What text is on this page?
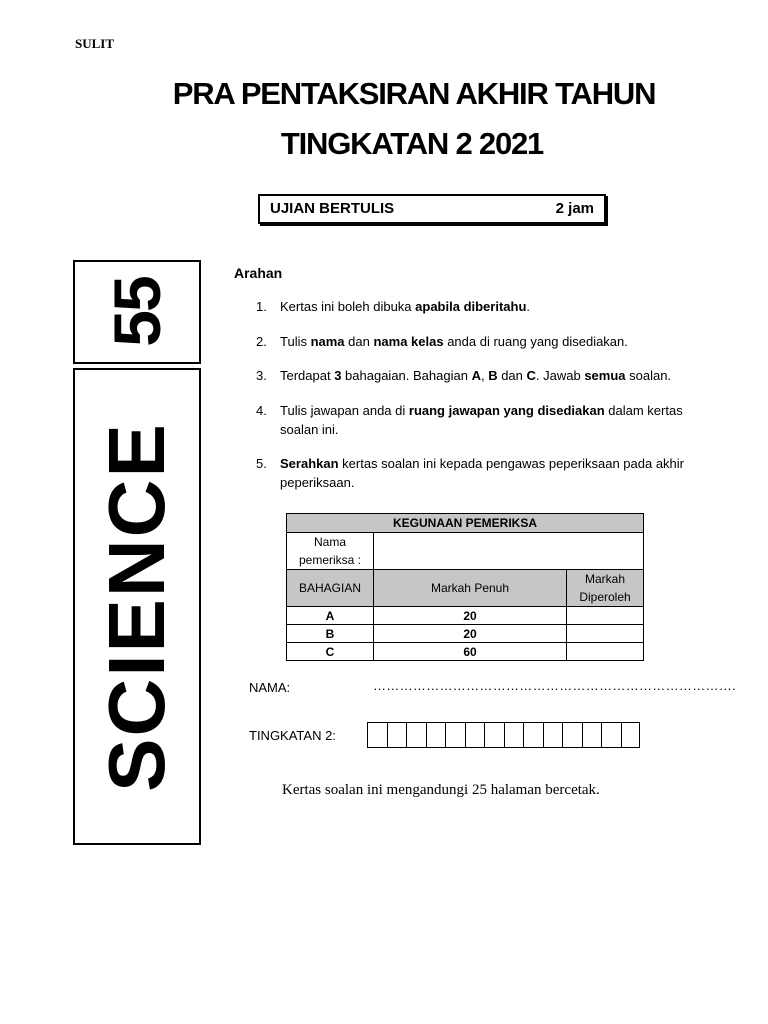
SULIT
PRA PENTAKSIRAN AKHIR TAHUN
TINGKATAN 2 2021
UJIAN BERTULIS	2 jam
55
SCIENCE
Arahan
1. Kertas ini boleh dibuka apabila diberitahu.
2. Tulis nama dan nama kelas anda di ruang yang disediakan.
3. Terdapat 3 bahagaian. Bahagian A, B dan C. Jawab semua soalan.
4. Tulis jawapan anda di ruang jawapan yang disediakan dalam kertas soalan ini.
5. Serahkan kertas soalan ini kepada pengawas peperiksaan pada akhir peperiksaan.
KEGUNAAN PEMERIKSA		
Nama pemeriksa :		
BAHAGIAN	Markah Penuh	Markah Diperoleh
A	20	
B	20	
C	60	
NAMA:	……………………………………………………………………….
TINGKATAN 2:
Kertas soalan ini mengandungi 25 halaman bercetak.
